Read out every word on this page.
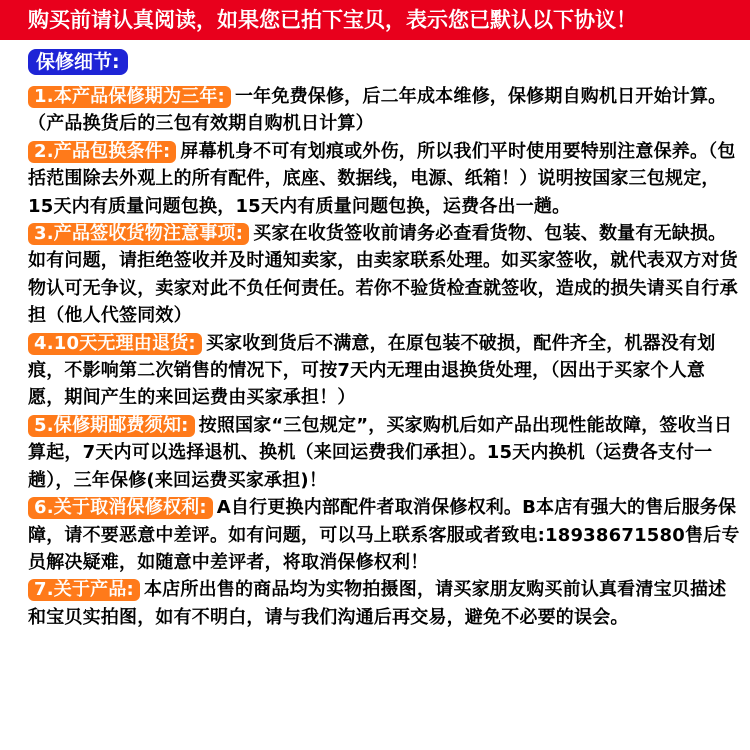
购买前请认真阅读，如果您已拍下宝贝，表示您已默认以下协议！
保修细节:

1.本产品保修期为三年: 一年免费保修，后二年成本维修，保修期自购机日开始计算。（产品换货后的三包有效期自购机日计算）

2.产品包换条件: 屏幕机身不可有划痕或外伤，所以我们平时使用要特别注意保养。（包括范围除去外观上的所有配件，底座、数据线，电源、纸箱！）说明按国家三包规定，15天内有质量问题包换，15天内有质量问题包换，运费各出一趟。

3.产品签收货物注意事项: 买家在收货签收前请务必查看货物、包装、数量有无缺损。如有问题，请拒绝签收并及时通知卖家，由卖家联系处理。如买家签收，就代表双方对货物认可无争议，卖家对此不负任何责任。若你不验货检查就签收，造成的损失请买自行承担（他人代签同效）

4.10天无理由退货: 买家收到货后不满意，在原包装不破损，配件齐全，机器没有划痕，不影响第二次销售的情况下，可按7天内无理由退换货处理，（因出于买家个人意愿，期间产生的来回运费由买家承担！）

5.保修期邮费须知: 按照国家“三包规定”，买家购机后如产品出现性能故障，签收当日算起，7天内可以选择退机、换机（来回运费我们承担）。15天内换机（运费各支付一趟），三年保修(来回运费买家承担)！

6.关于取消保修权利: A自行更换内部配件者取消保修权利。B本店有强大的售后服务保障，请不要恶意中差评。如有问题，可以马上联系客服或者致电:18938671580售后专员解决疑难，如随意中差评者，将取消保修权利！

7.关于产品: 本店所出售的商品均为实物拍摄图，请买家朋友购买前认真看清宝贝描述和宝贝实拍图，如有不明白，请与我们沟通后再交易，避免不必要的误会。
